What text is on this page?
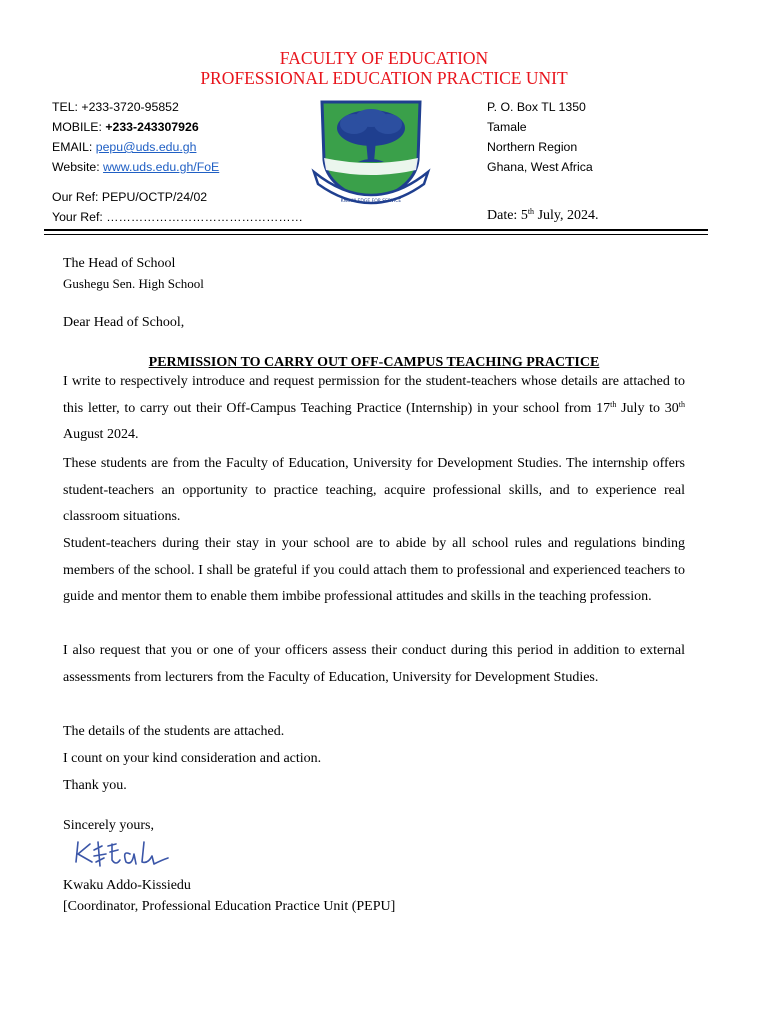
FACULTY OF EDUCATION
PROFESSIONAL EDUCATION PRACTICE UNIT
TEL: +233-3720-95852
MOBILE: +233-243307926
EMAIL: pepu@uds.edu.gh
Website: www.uds.edu.gh/FoE
Our Ref: PEPU/OCTP/24/02
Your Ref: …………………………………………
KNOWLEDGE FOR SERVICE
P. O. Box TL 1350
Tamale
Northern Region
Ghana, West Africa
Date: 5th July, 2024.
The Head of School
Gushegu Sen. High School
Dear Head of School,
PERMISSION TO CARRY OUT OFF-CAMPUS TEACHING PRACTICE
I write to respectively introduce and request permission for the student-teachers whose details are attached to this letter, to carry out their Off-Campus Teaching Practice (Internship) in your school from 17th July to 30th August 2024.
These students are from the Faculty of Education, University for Development Studies. The internship offers student-teachers an opportunity to practice teaching, acquire professional skills, and to experience real classroom situations.
Student-teachers during their stay in your school are to abide by all school rules and regulations binding members of the school. I shall be grateful if you could attach them to professional and experienced teachers to guide and mentor them to enable them imbibe professional attitudes and skills in the teaching profession.
I also request that you or one of your officers assess their conduct during this period in addition to external assessments from lecturers from the Faculty of Education, University for Development Studies.
The details of the students are attached.
I count on your kind consideration and action.
Thank you.
Sincerely yours,
Kwaku Addo-Kissiedu
[Coordinator, Professional Education Practice Unit (PEPU]
